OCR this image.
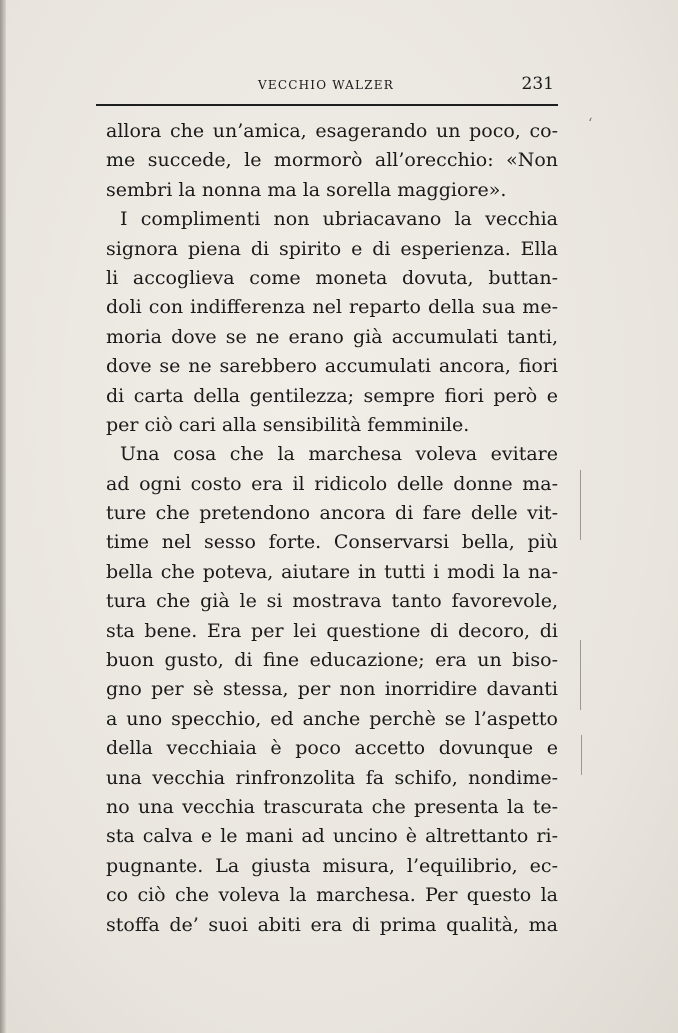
VECCHIO WALZER	231
allora che un’amica, esagerando un poco, co-
me succede, le mormorò all’orecchio: «Non
sembri la nonna ma la sorella maggiore».
I complimenti non ubriacavano la vecchia
signora piena di spirito e di esperienza. Ella
li accoglieva come moneta dovuta, buttan-
doli con indifferenza nel reparto della sua me-
moria dove se ne erano già accumulati tanti,
dove se ne sarebbero accumulati ancora, fiori
di carta della gentilezza; sempre fiori però e
per ciò cari alla sensibilità femminile.
Una cosa che la marchesa voleva evitare
ad ogni costo era il ridicolo delle donne ma-
ture che pretendono ancora di fare delle vit-
time nel sesso forte. Conservarsi bella, più
bella che poteva, aiutare in tutti i modi la na-
tura che già le si mostrava tanto favorevole,
sta bene. Era per lei questione di decoro, di
buon gusto, di fine educazione; era un biso-
gno per sè stessa, per non inorridire davanti
a uno specchio, ed anche perchè se l’aspetto
della vecchiaia è poco accetto dovunque e
una vecchia rinfronzolita fa schifo, nondime-
no una vecchia trascurata che presenta la te-
sta calva e le mani ad uncino è altrettanto ri-
pugnante. La giusta misura, l’equilibrio, ec-
co ciò che voleva la marchesa. Per questo la
stoffa de’ suoi abiti era di prima qualità, ma
‘
